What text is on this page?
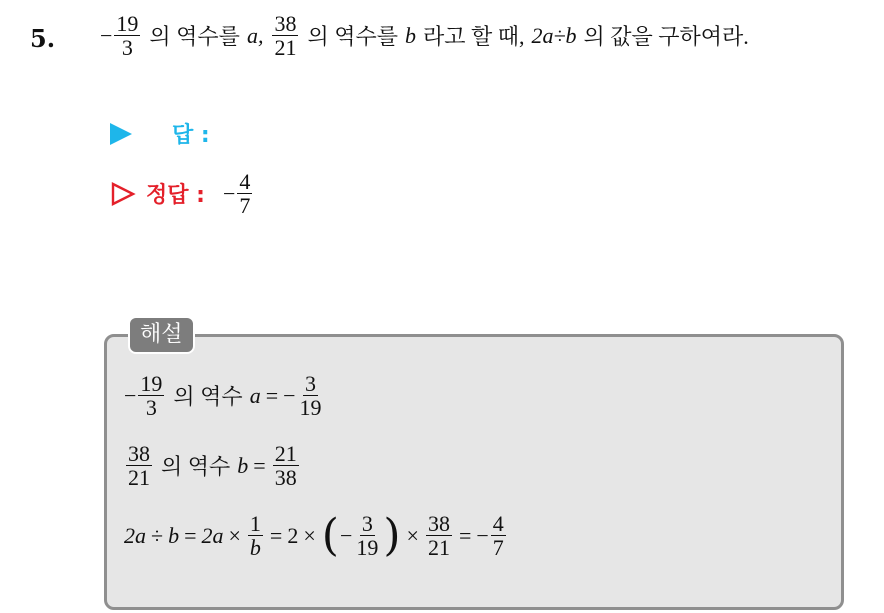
5. − $\frac{19}{3}$ 의 역수를 a, $\frac{38}{21}$ 의 역수를 b 라고 할 때, 2a÷b 의 값을 구하여라.
답 :
정답 : − $\frac{4}{7}$
해설
− $\frac{19}{3}$ 의 역수 a = − $\frac{3}{19}$
$\frac{38}{21}$ 의 역수 $b = \frac{21}{38}$
$2a \div b = 2a \times \frac{1}{b} = 2$ × ( − $\frac{3}{19}$ ) × $\frac{38}{21}$ = − $\frac{4}{7}$
